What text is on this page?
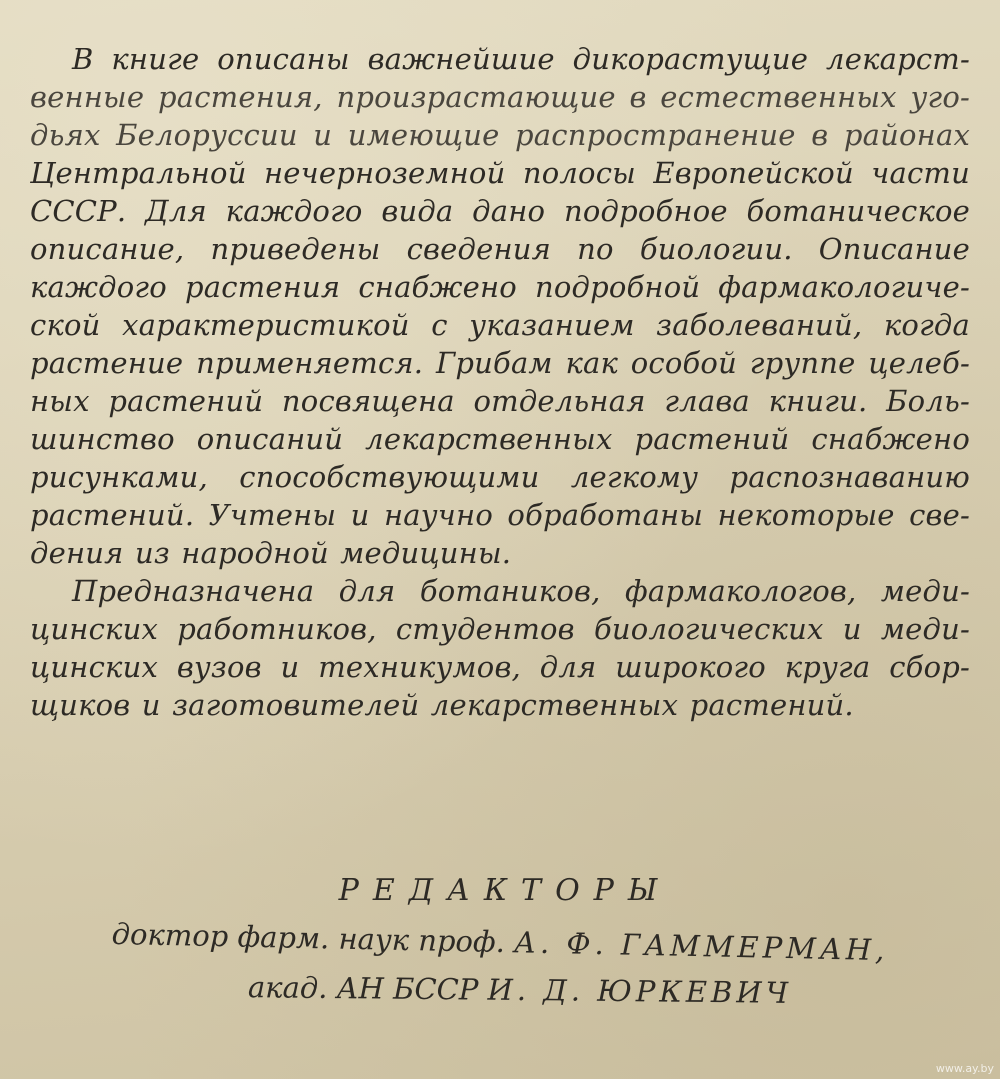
В книге описаны важнейшие дикорастущие лекарст-
венные растения, произрастающие в естественных уго-
дьях Белоруссии и имеющие распространение в районах
Центральной нечерноземной полосы Европейской части
СССР. Для каждого вида дано подробное ботаническое
описание, приведены сведения по биологии. Описание
каждого растения снабжено подробной фармакологиче-
ской характеристикой с указанием заболеваний, когда
растение применяется. Грибам как особой группе целеб-
ных растений посвящена отдельная глава книги. Боль-
шинство описаний лекарственных растений снабжено
рисунками, способствующими легкому распознаванию
растений. Учтены и научно обработаны некоторые све-
дения из народной медицины.
Предназначена для ботаников, фармакологов, меди-
цинских работников, студентов биологических и меди-
цинских вузов и техникумов, для широкого круга сбор-
щиков и заготовителей лекарственных растений.
РЕДАКТОРЫ
доктор фарм. наук проф. А. Ф. ГАММЕРМАН,
акад. АН БССР И. Д. ЮРКЕВИЧ
www.ay.by
